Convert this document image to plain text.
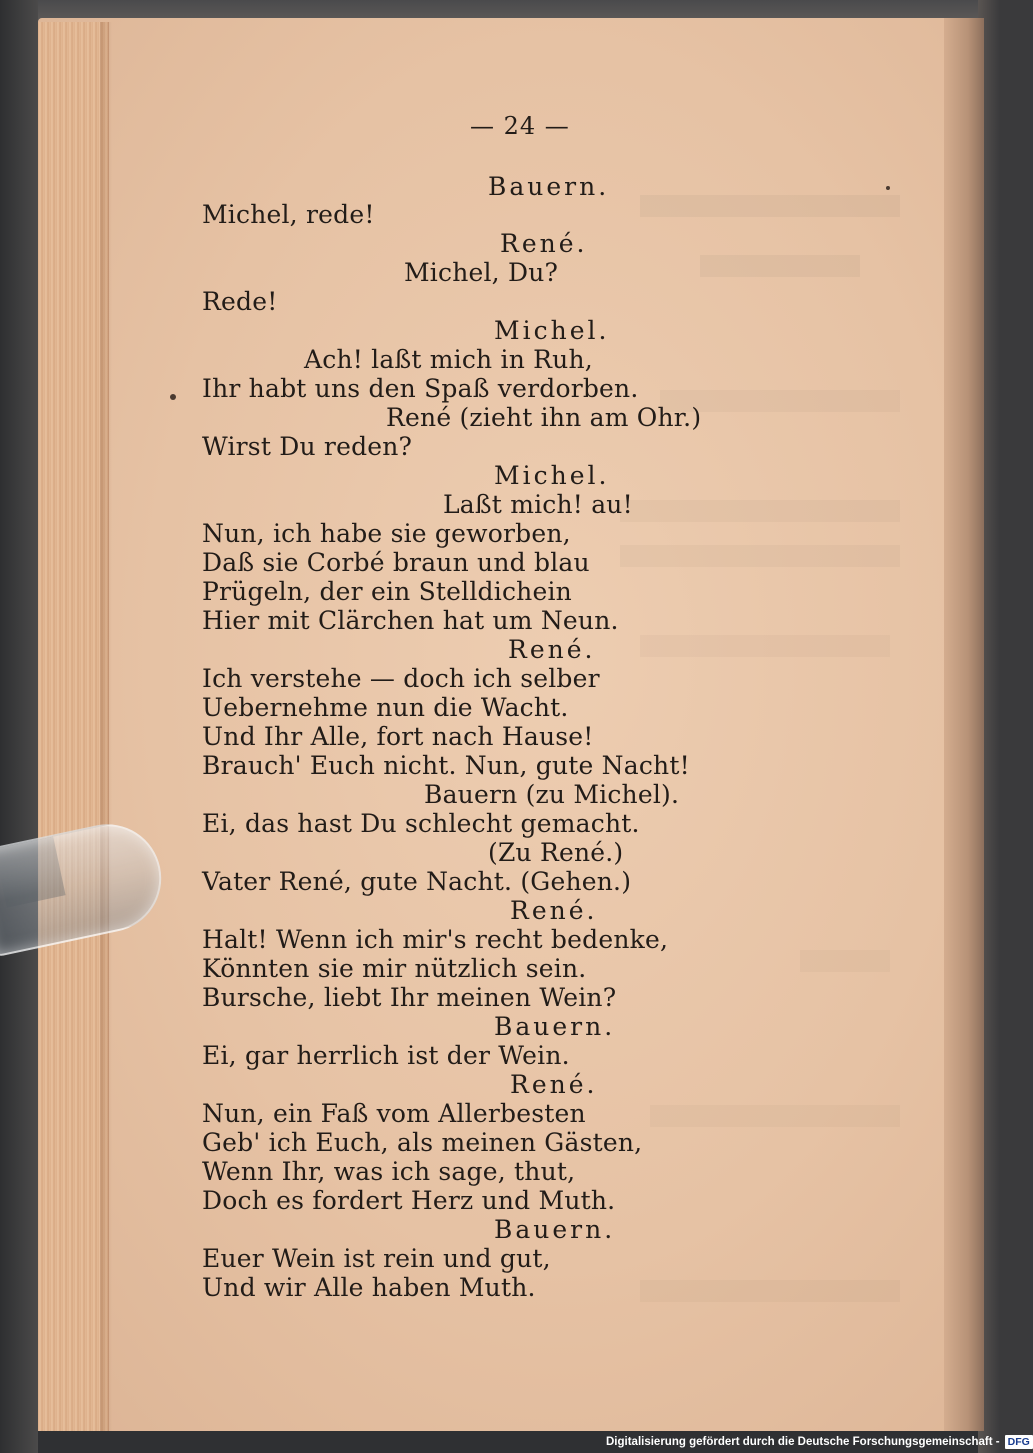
— 24 —
Bauern.
Michel, rede!
René.
Michel, Du?
Rede!
Michel.
Ach! laßt mich in Ruh,
Ihr habt uns den Spaß verdorben.
René (zieht ihn am Ohr.)
Wirst Du reden?
Michel.
Laßt mich! au!
Nun, ich habe sie geworben,
Daß sie Corbé braun und blau
Prügeln, der ein Stelldichein
Hier mit Clärchen hat um Neun.
René.
Ich verstehe — doch ich selber
Uebernehme nun die Wacht.
Und Ihr Alle, fort nach Hause!
Brauch' Euch nicht. Nun, gute Nacht!
Bauern (zu Michel).
Ei, das hast Du schlecht gemacht.
(Zu René.)
Vater René, gute Nacht. (Gehen.)
René.
Halt! Wenn ich mir's recht bedenke,
Könnten sie mir nützlich sein.
Bursche, liebt Ihr meinen Wein?
Bauern.
Ei, gar herrlich ist der Wein.
René.
Nun, ein Faß vom Allerbesten
Geb' ich Euch, als meinen Gästen,
Wenn Ihr, was ich sage, thut,
Doch es fordert Herz und Muth.
Bauern.
Euer Wein ist rein und gut,
Und wir Alle haben Muth.
Digitalisierung gefördert durch die Deutsche Forschungsgemeinschaft - DFG
